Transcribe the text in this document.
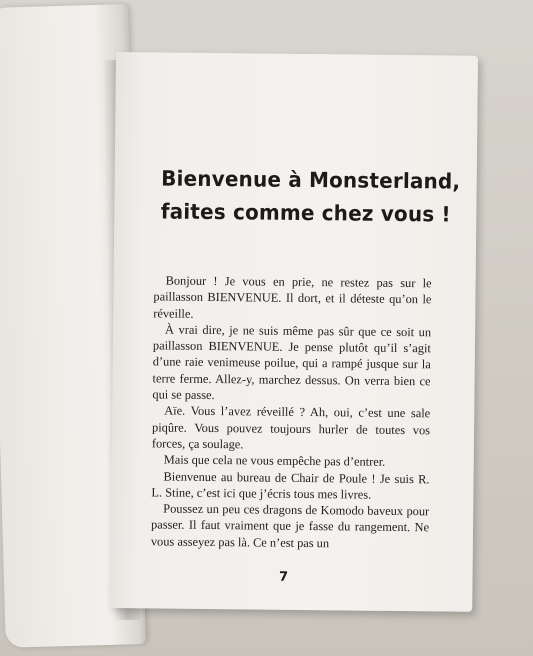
Bienvenue à Monsterland,
faites comme chez vous !

Bonjour ! Je vous en prie, ne restez pas sur le paillasson BIENVENUE. Il dort, et il déteste qu’on le réveille.

À vrai dire, je ne suis même pas sûr que ce soit un paillasson BIENVENUE. Je pense plutôt qu’il s’agit d’une raie venimeuse poilue, qui a rampé jusque sur la terre ferme. Allez-y, marchez dessus. On verra bien ce qui se passe.

Aïe. Vous l’avez réveillé ? Ah, oui, c’est une sale piqûre. Vous pouvez toujours hurler de toutes vos forces, ça soulage.

Mais que cela ne vous empêche pas d’entrer.

Bienvenue au bureau de Chair de Poule ! Je suis R. L. Stine, c’est ici que j’écris tous mes livres.

Poussez un peu ces dragons de Komodo baveux pour passer. Il faut vraiment que je fasse du rangement. Ne vous asseyez pas là. Ce n’est pas un

7
